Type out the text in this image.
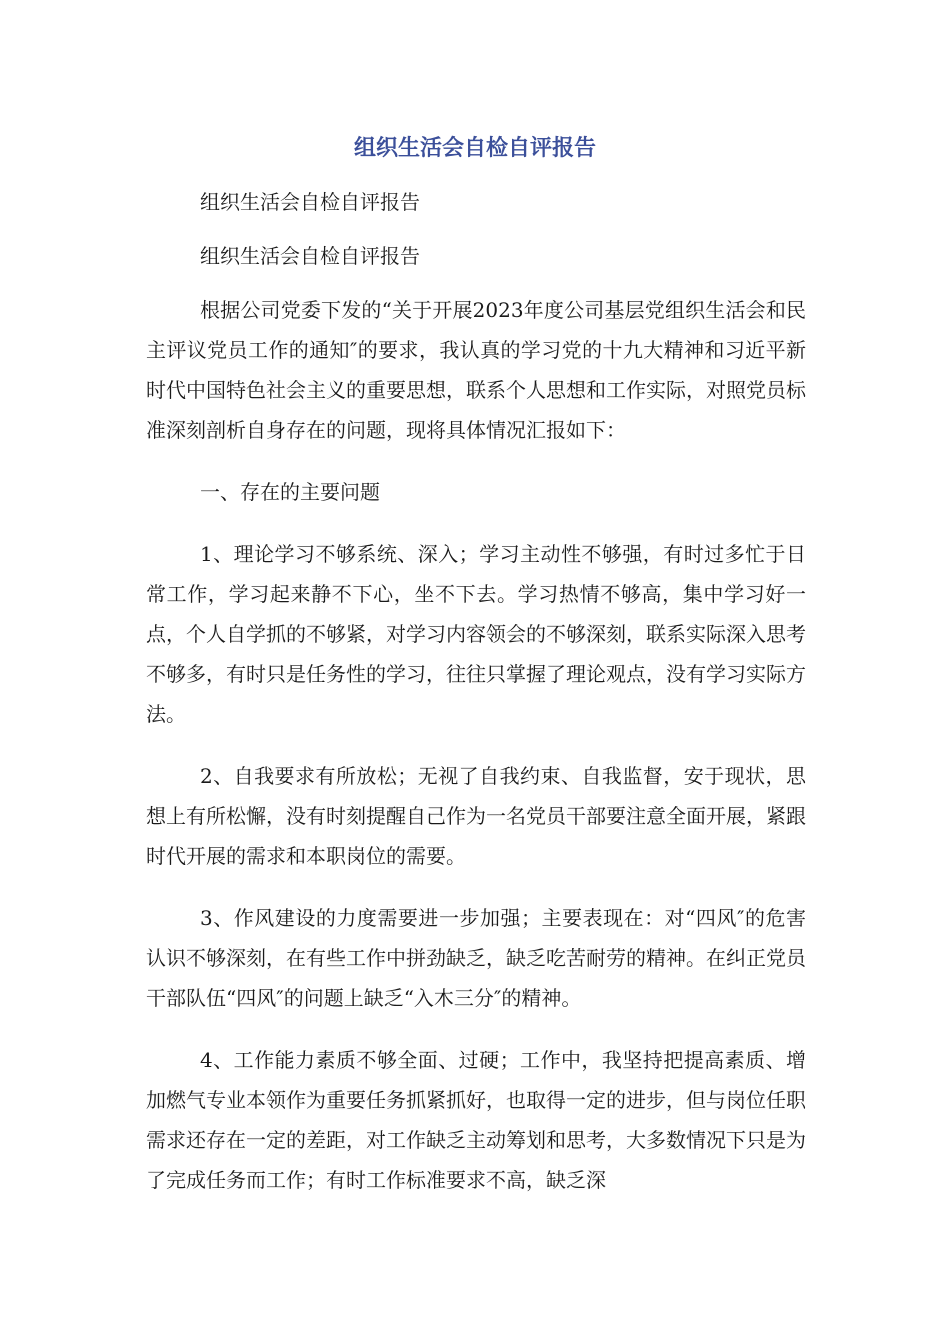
组织生活会自检自评报告

组织生活会自检自评报告

组织生活会自检自评报告

根据公司党委下发的“关于开展2023年度公司基层党组织生活会和民主评议党员工作的通知″的要求，我认真的学习党的十九大精神和习近平新时代中国特色社会主义的重要思想，联系个人思想和工作实际，对照党员标准深刻剖析自身存在的问题，现将具体情况汇报如下：

一、存在的主要问题

1、理论学习不够系统、深入；学习主动性不够强，有时过多忙于日常工作，学习起来静不下心，坐不下去。学习热情不够高，集中学习好一点，个人自学抓的不够紧，对学习内容领会的不够深刻，联系实际深入思考不够多，有时只是任务性的学习，往往只掌握了理论观点，没有学习实际方法。

2、自我要求有所放松；无视了自我约束、自我监督，安于现状，思想上有所松懈，没有时刻提醒自己作为一名党员干部要注意全面开展，紧跟时代开展的需求和本职岗位的需要。

3、作风建设的力度需要进一步加强；主要表现在：对“四风″的危害认识不够深刻，在有些工作中拼劲缺乏，缺乏吃苦耐劳的精神。在纠正党员干部队伍“四风″的问题上缺乏“入木三分″的精神。

4、工作能力素质不够全面、过硬；工作中，我坚持把提高素质、增加燃气专业本领作为重要任务抓紧抓好，也取得一定的进步，但与岗位任职需求还存在一定的差距，对工作缺乏主动筹划和思考，大多数情况下只是为了完成任务而工作；有时工作标准要求不高，缺乏深
